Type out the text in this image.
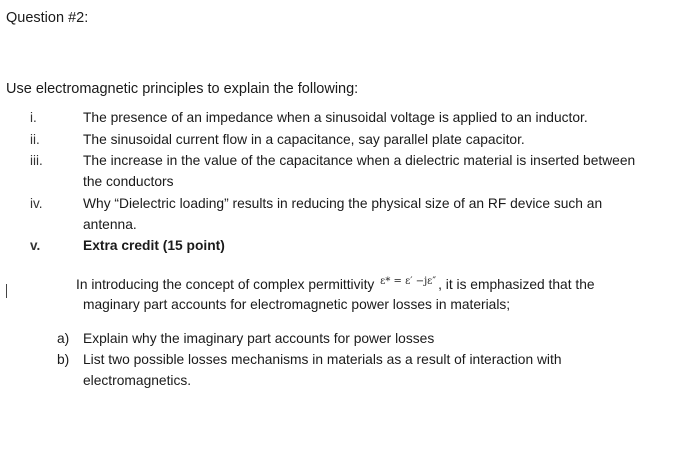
Question #2:
Use electromagnetic principles to explain the following:
i.	The presence of an impedance when a sinusoidal voltage is applied to an inductor.
ii.	The sinusoidal current flow in a capacitance, say parallel plate capacitor.
iii.	The increase in the value of the capacitance when a dielectric material is inserted between
the conductors
iv.	Why “Dielectric loading” results in reducing the physical size of an RF device such an
antenna.
v.	Extra credit (15 point)
In introducing the concept of complex permittivity $^{\varepsilon* = \varepsilon' -j\varepsilon''}$ , it is emphasized that the
maginary part accounts for electromagnetic power losses in materials;
a) Explain why the imaginary part accounts for power losses
b) List two possible losses mechanisms in materials as a result of interaction with
electromagnetics.
